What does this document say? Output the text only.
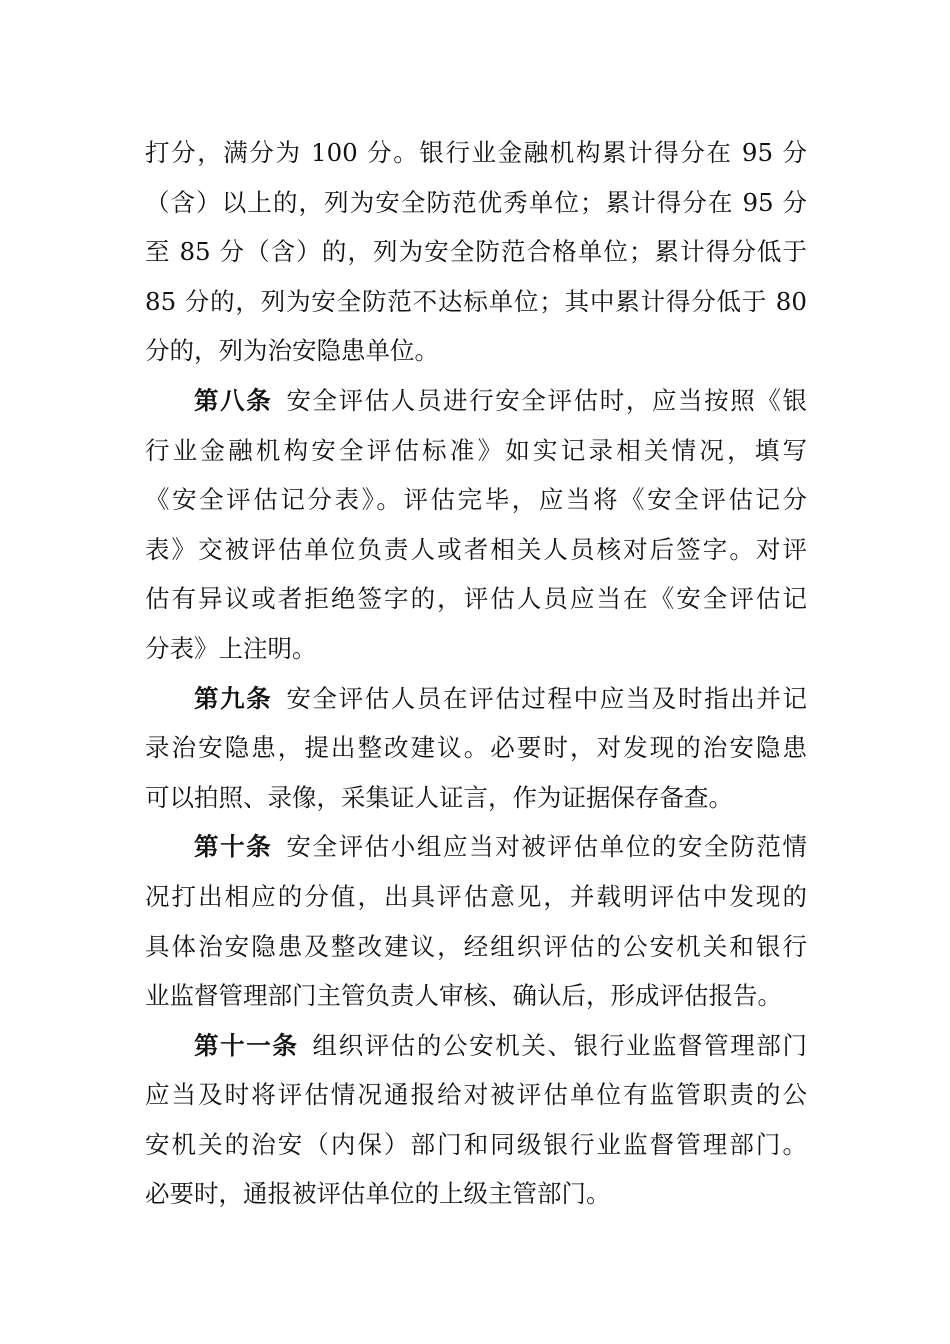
打分，满分为 100 分。银行业金融机构累计得分在 95 分
（含）以上的，列为安全防范优秀单位；累计得分在 95 分
至 85 分（含）的，列为安全防范合格单位；累计得分低于
85 分的，列为安全防范不达标单位；其中累计得分低于 80
分的，列为治安隐患单位。

第八条 安全评估人员进行安全评估时，应当按照《银
行业金融机构安全评估标准》如实记录相关情况，填写
《安全评估记分表》。评估完毕，应当将《安全评估记分
表》交被评估单位负责人或者相关人员核对后签字。对评
估有异议或者拒绝签字的，评估人员应当在《安全评估记
分表》上注明。

第九条 安全评估人员在评估过程中应当及时指出并记
录治安隐患，提出整改建议。必要时，对发现的治安隐患
可以拍照、录像，采集证人证言，作为证据保存备查。

第十条 安全评估小组应当对被评估单位的安全防范情
况打出相应的分值，出具评估意见，并载明评估中发现的
具体治安隐患及整改建议，经组织评估的公安机关和银行
业监督管理部门主管负责人审核、确认后，形成评估报告。

第十一条 组织评估的公安机关、银行业监督管理部门
应当及时将评估情况通报给对被评估单位有监管职责的公
安机关的治安（内保）部门和同级银行业监督管理部门。
必要时，通报被评估单位的上级主管部门。
